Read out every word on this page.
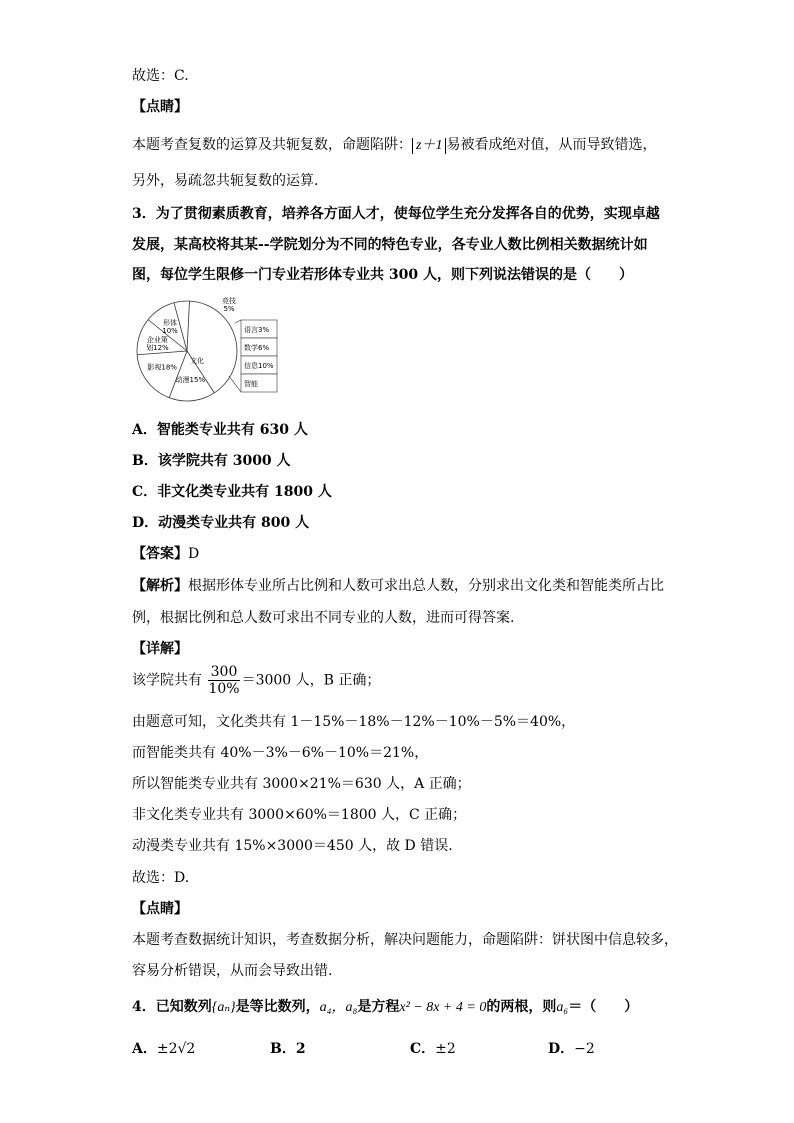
故选：C.
【点睛】
本题考查复数的运算及共轭复数，命题陷阱： z＋1 易被看成绝对值，从而导致错选，
另外，易疏忽共轭复数的运算.
3．为了贯彻素质教育，培养各方面人才，使每位学生充分发挥各自的优势，实现卓越
发展，某高校将其某--学院划分为不同的特色专业，各专业人数比例相关数据统计如
图，每位学生限修一门专业若形体专业共 300 人，则下列说法错误的是（　　）
竞技 5%
形体 10%
企业策划12%
影视18%
动漫15%
文化
语言3%
数学6%
信息10%
智能
A．智能类专业共有 630 人
B．该学院共有 3000 人
C．非文化类专业共有 1800 人
D．动漫类专业共有 800 人
【答案】D
【解析】根据形体专业所占比例和人数可求出总人数，分别求出文化类和智能类所占比
例，根据比例和总人数可求出不同专业的人数，进而可得答案.
【详解】
该学院共有 $\frac{300}{10\%} =3000$ 人，B 正确；
由题意可知，文化类共有 1－15%－18%－12%－10%－5%＝40%，
而智能类共有 40%－3%－6%－10%＝21%，
所以智能类专业共有 3000×21%＝630 人，A 正确；
非文化类专业共有 3000×60%＝1800 人，C 正确；
动漫类专业共有 15%×3000＝450 人，故 D 错误.
故选：D.
【点睛】
本题考查数据统计知识，考查数据分析，解决问题能力，命题陷阱：饼状图中信息较多，
容易分析错误，从而会导致出错.
4．已知数列{aₙ}是等比数列，a₄，a₈是方程x² − 8x + 4 = 0的两根，则a₆＝（　　）
A．±2√2	B．2	C．±2	D．−2
